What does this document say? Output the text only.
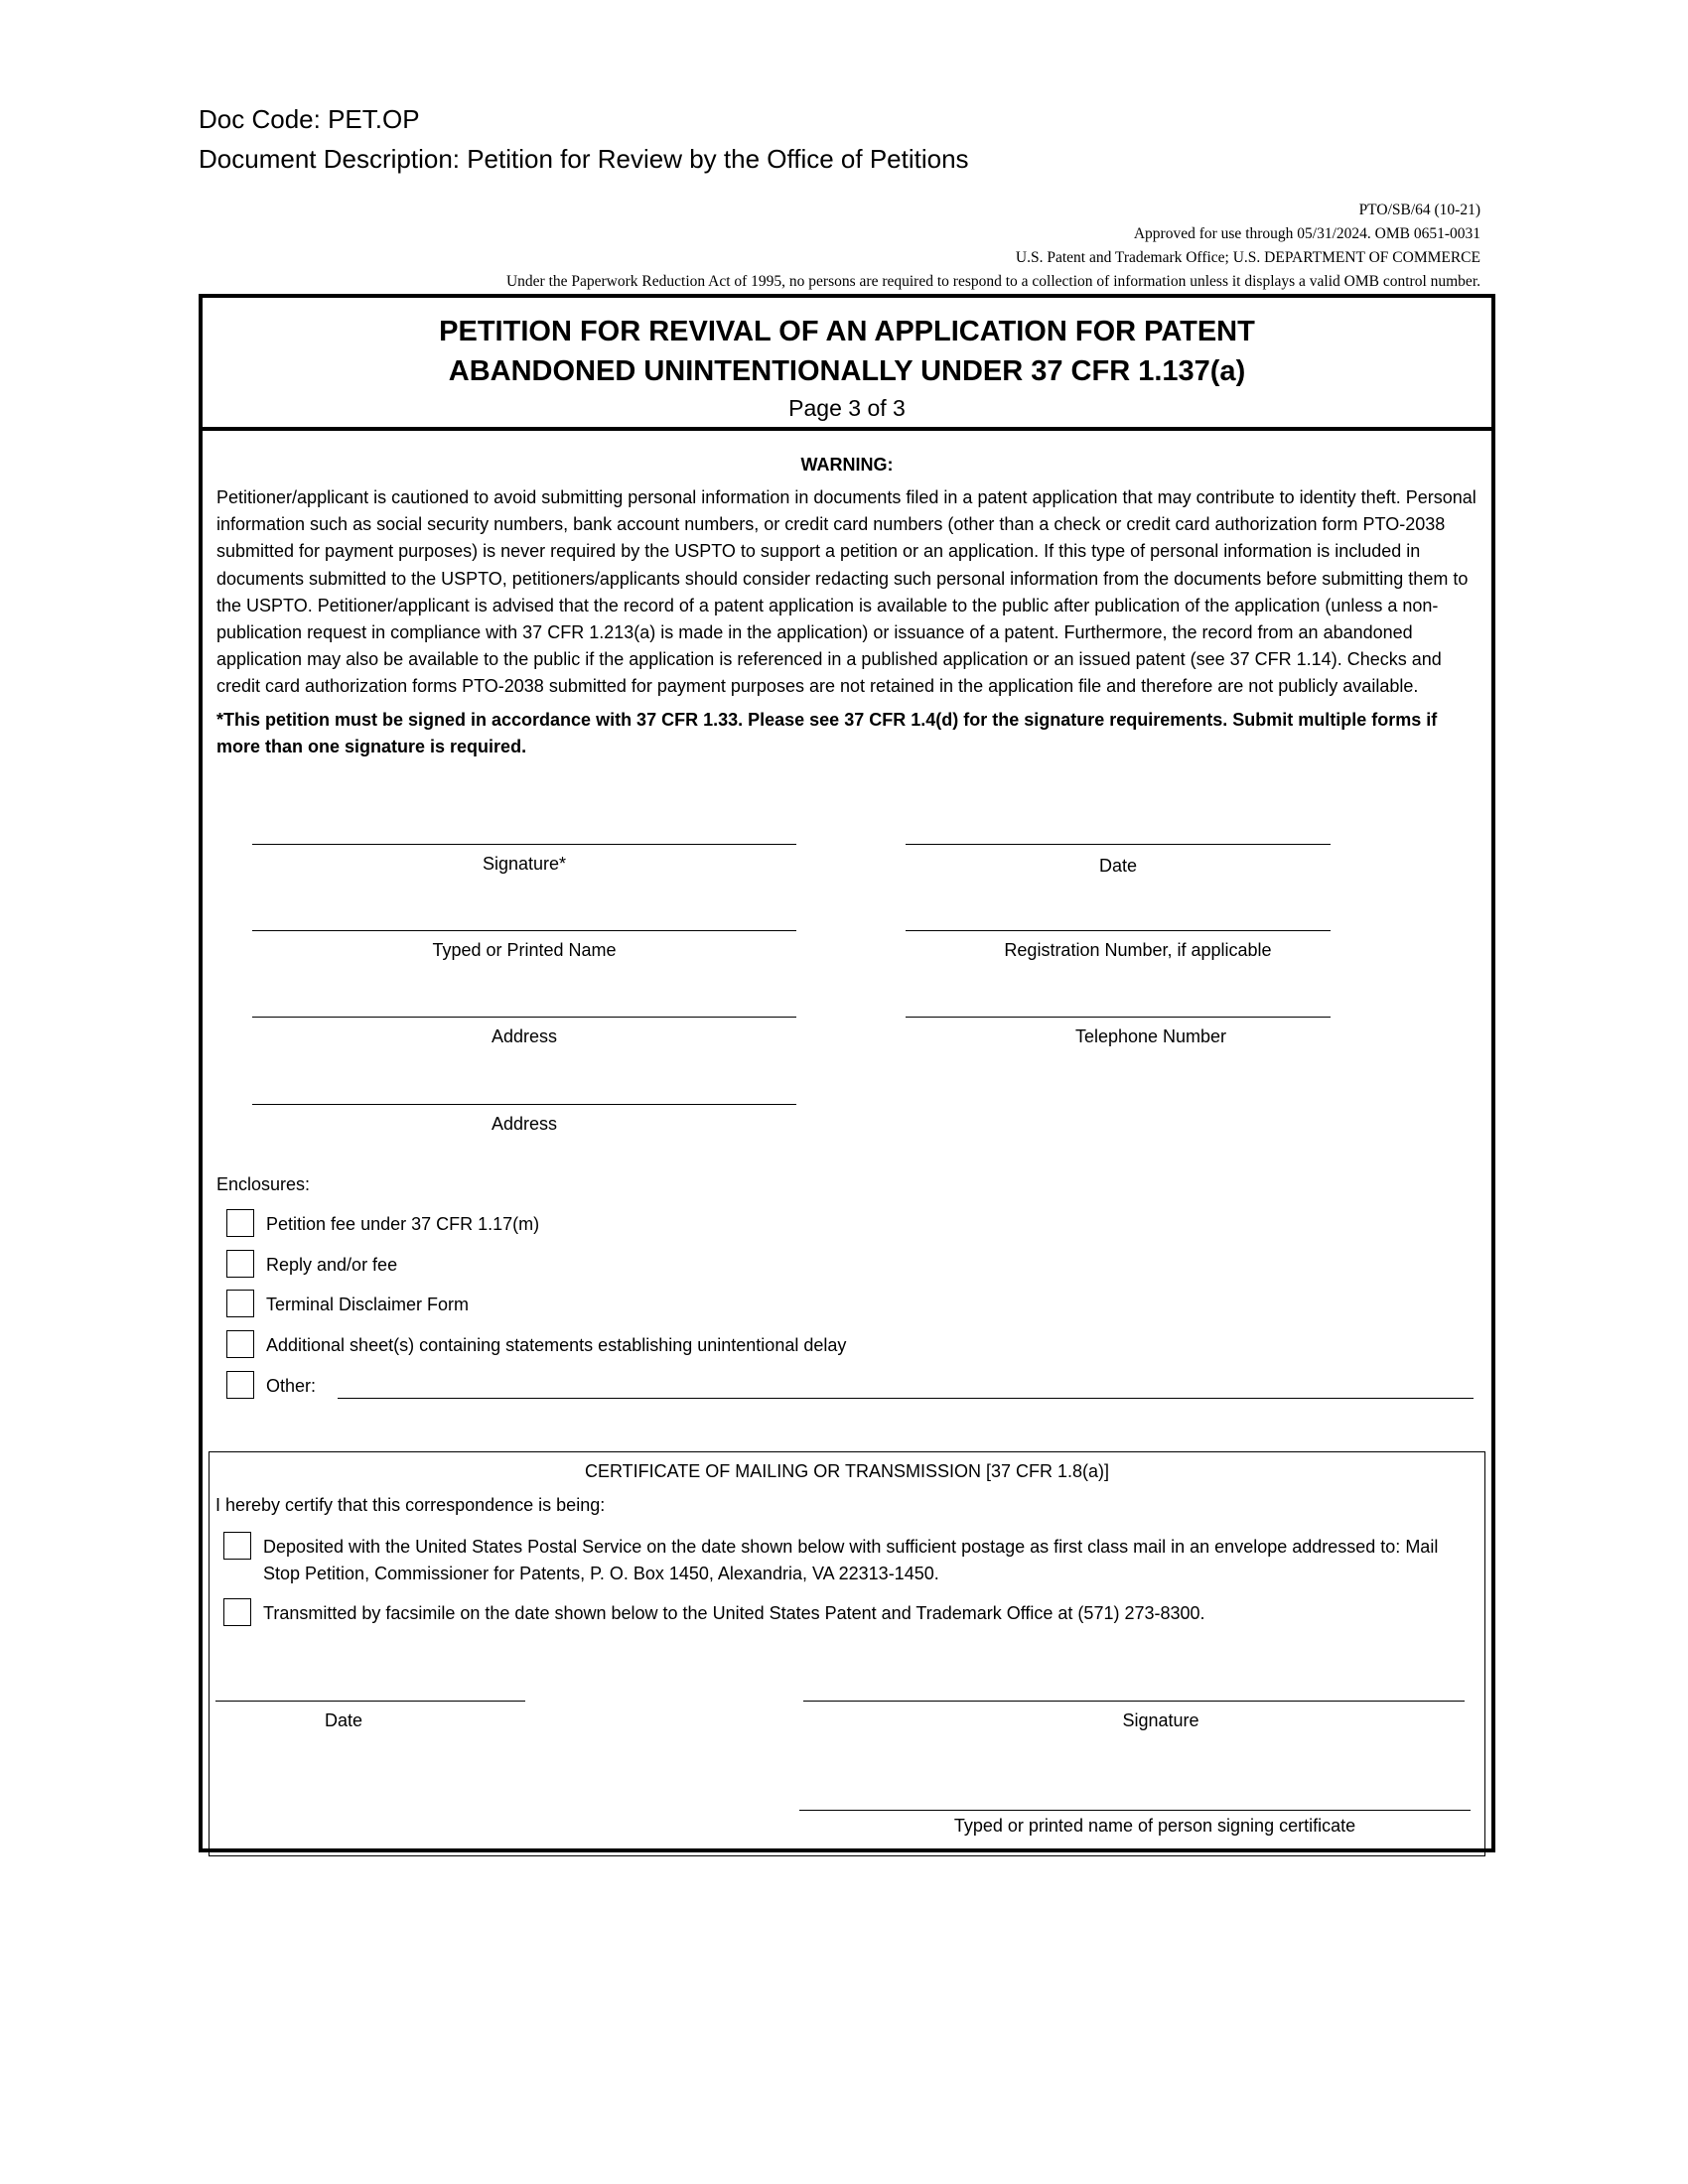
Doc Code: PET.OP
Document Description: Petition for Review by the Office of Petitions
PTO/SB/64 (10-21)
Approved for use through 05/31/2024. OMB 0651-0031
U.S. Patent and Trademark Office; U.S. DEPARTMENT OF COMMERCE
Under the Paperwork Reduction Act of 1995, no persons are required to respond to a collection of information unless it displays a valid OMB control number.
PETITION FOR REVIVAL OF AN APPLICATION FOR PATENT
ABANDONED UNINTENTIONALLY UNDER 37 CFR 1.137(a)
Page 3 of 3
WARNING:

Petitioner/applicant is cautioned to avoid submitting personal information in documents filed in a patent application that may contribute to identity theft. Personal information such as social security numbers, bank account numbers, or credit card numbers (other than a check or credit card authorization form PTO-2038 submitted for payment purposes) is never required by the USPTO to support a petition or an application. If this type of personal information is included in documents submitted to the USPTO, petitioners/applicants should consider redacting such personal information from the documents before submitting them to the USPTO. Petitioner/applicant is advised that the record of a patent application is available to the public after publication of the application (unless a non-publication request in compliance with 37 CFR 1.213(a) is made in the application) or issuance of a patent. Furthermore, the record from an abandoned application may also be available to the public if the application is referenced in a published application or an issued patent (see 37 CFR 1.14). Checks and credit card authorization forms PTO-2038 submitted for payment purposes are not retained in the application file and therefore are not publicly available.

*This petition must be signed in accordance with 37 CFR 1.33. Please see 37 CFR 1.4(d) for the signature requirements. Submit multiple forms if more than one signature is required.

Signature*	Date
Typed or Printed Name	Registration Number, if applicable
Address	Telephone Number
Address
Enclosures:
Petition fee under 37 CFR 1.17(m)
Reply and/or fee
Terminal Disclaimer Form
Additional sheet(s) containing statements establishing unintentional delay
Other:
CERTIFICATE OF MAILING OR TRANSMISSION [37 CFR 1.8(a)]
I hereby certify that this correspondence is being:
Deposited with the United States Postal Service on the date shown below with sufficient postage as first class mail in an envelope addressed to: Mail Stop Petition, Commissioner for Patents, P. O. Box 1450, Alexandria, VA 22313-1450.
Transmitted by facsimile on the date shown below to the United States Patent and Trademark Office at (571) 273-8300.
Date	Signature
Typed or printed name of person signing certificate
